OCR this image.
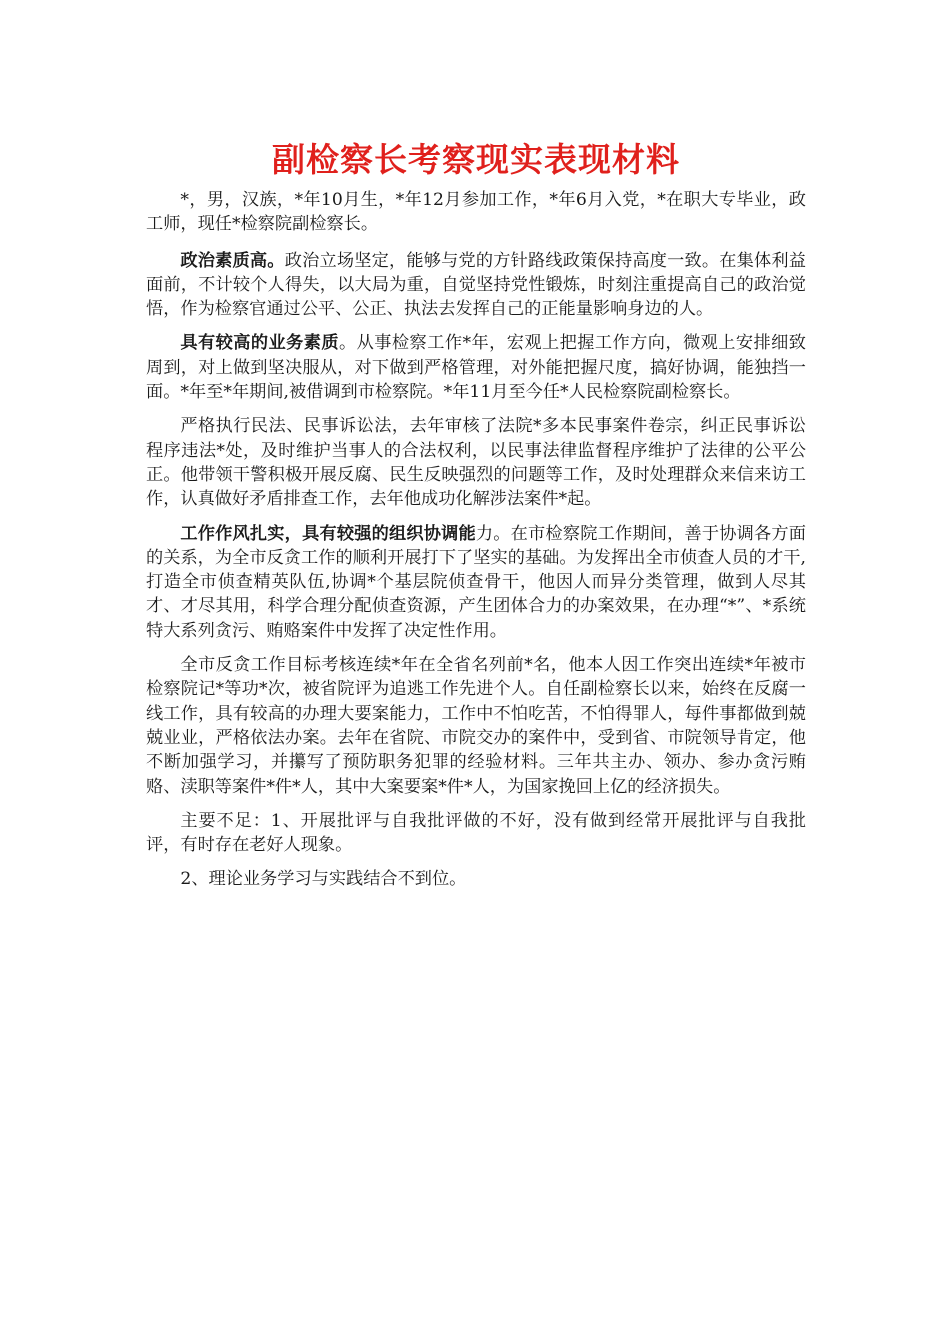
副检察长考察现实表现材料

*，男，汉族，*年10月生，*年12月参加工作，*年6月入党，*在职大专毕业，政工师，现任*检察院副检察长。

政治素质高。政治立场坚定，能够与党的方针路线政策保持高度一致。在集体利益面前，不计较个人得失，以大局为重，自觉坚持党性锻炼，时刻注重提高自己的政治觉悟，作为检察官通过公平、公正、执法去发挥自己的正能量影响身边的人。

具有较高的业务素质。从事检察工作*年，宏观上把握工作方向，微观上安排细致周到，对上做到坚决服从，对下做到严格管理，对外能把握尺度，搞好协调，能独挡一面。*年至*年期间,被借调到市检察院。*年11月至今任*人民检察院副检察长。

严格执行民法、民事诉讼法，去年审核了法院*多本民事案件卷宗，纠正民事诉讼程序违法*处，及时维护当事人的合法权利，以民事法律监督程序维护了法律的公平公正。他带领干警积极开展反腐、民生反映强烈的问题等工作，及时处理群众来信来访工作，认真做好矛盾排查工作，去年他成功化解涉法案件*起。

工作作风扎实，具有较强的组织协调能力。在市检察院工作期间，善于协调各方面的关系，为全市反贪工作的顺利开展打下了坚实的基础。为发挥出全市侦查人员的才干,打造全市侦查精英队伍,协调*个基层院侦查骨干，他因人而异分类管理，做到人尽其才、才尽其用，科学合理分配侦查资源，产生团体合力的办案效果，在办理“*”、*系统特大系列贪污、贿赂案件中发挥了决定性作用。

全市反贪工作目标考核连续*年在全省名列前*名，他本人因工作突出连续*年被市检察院记*等功*次，被省院评为追逃工作先进个人。自任副检察长以来，始终在反腐一线工作，具有较高的办理大要案能力，工作中不怕吃苦，不怕得罪人，每件事都做到兢兢业业，严格依法办案。去年在省院、市院交办的案件中，受到省、市院领导肯定，他不断加强学习，并攥写了预防职务犯罪的经验材料。三年共主办、领办、参办贪污贿赂、渎职等案件*件*人，其中大案要案*件*人，为国家挽回上亿的经济损失。

主要不足：1、开展批评与自我批评做的不好，没有做到经常开展批评与自我批评，有时存在老好人现象。

2、理论业务学习与实践结合不到位。
